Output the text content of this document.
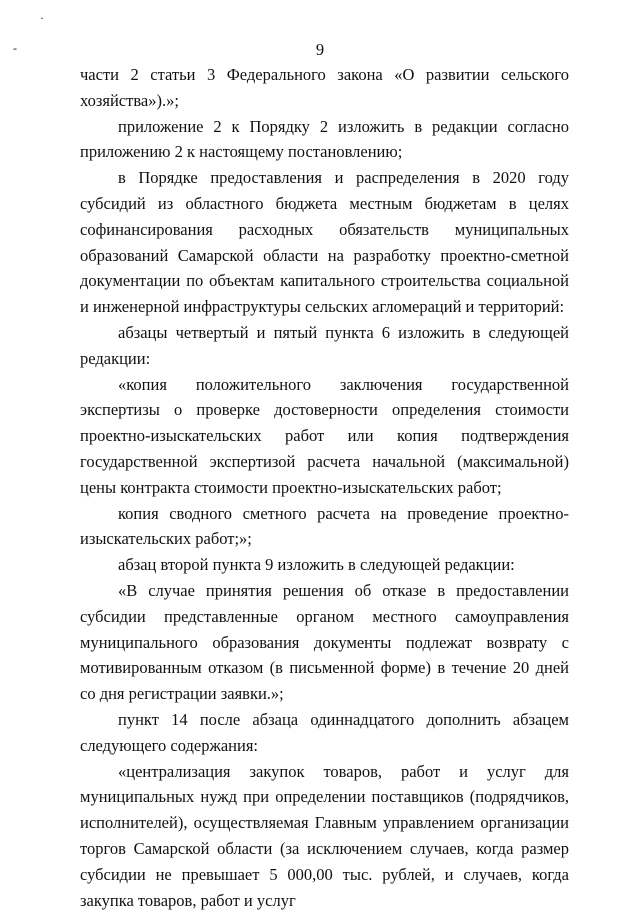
·
-	9

части 2 статьи 3 Федерального закона «О развитии сельского хозяйства»).»;

приложение 2 к Порядку 2 изложить в редакции согласно приложению 2 к настоящему постановлению;

в Порядке предоставления и распределения в 2020 году субсидий из областного бюджета местным бюджетам в целях софинансирования расходных обязательств муниципальных образований Самарской области на разработку проектно-сметной документации по объектам капитального строительства социальной и инженерной инфраструктуры сельских агломераций и территорий:

абзацы четвертый и пятый пункта 6 изложить в следующей редакции:

«копия положительного заключения государственной экспертизы о проверке достоверности определения стоимости проектно-изыскательских работ или копия подтверждения государственной экспертизой расчета начальной (максимальной) цены контракта стоимости проектно-изыскательских работ;

копия сводного сметного расчета на проведение проектно-изыскательских работ;»;

абзац второй пункта 9 изложить в следующей редакции:

«В случае принятия решения об отказе в предоставлении субсидии представленные органом местного самоуправления муниципального образования документы подлежат возврату с мотивированным отказом (в письменной форме) в течение 20 дней со дня регистрации заявки.»;

пункт 14 после абзаца одиннадцатого дополнить абзацем следующего содержания:

«централизация закупок товаров, работ и услуг для муниципальных нужд при определении поставщиков (подрядчиков, исполнителей), осуществляемая Главным управлением организации торгов Самарской области (за исключением случаев, когда размер субсидии не превышает 5 000,00 тыс. рублей, и случаев, когда закупка товаров, работ и услуг
